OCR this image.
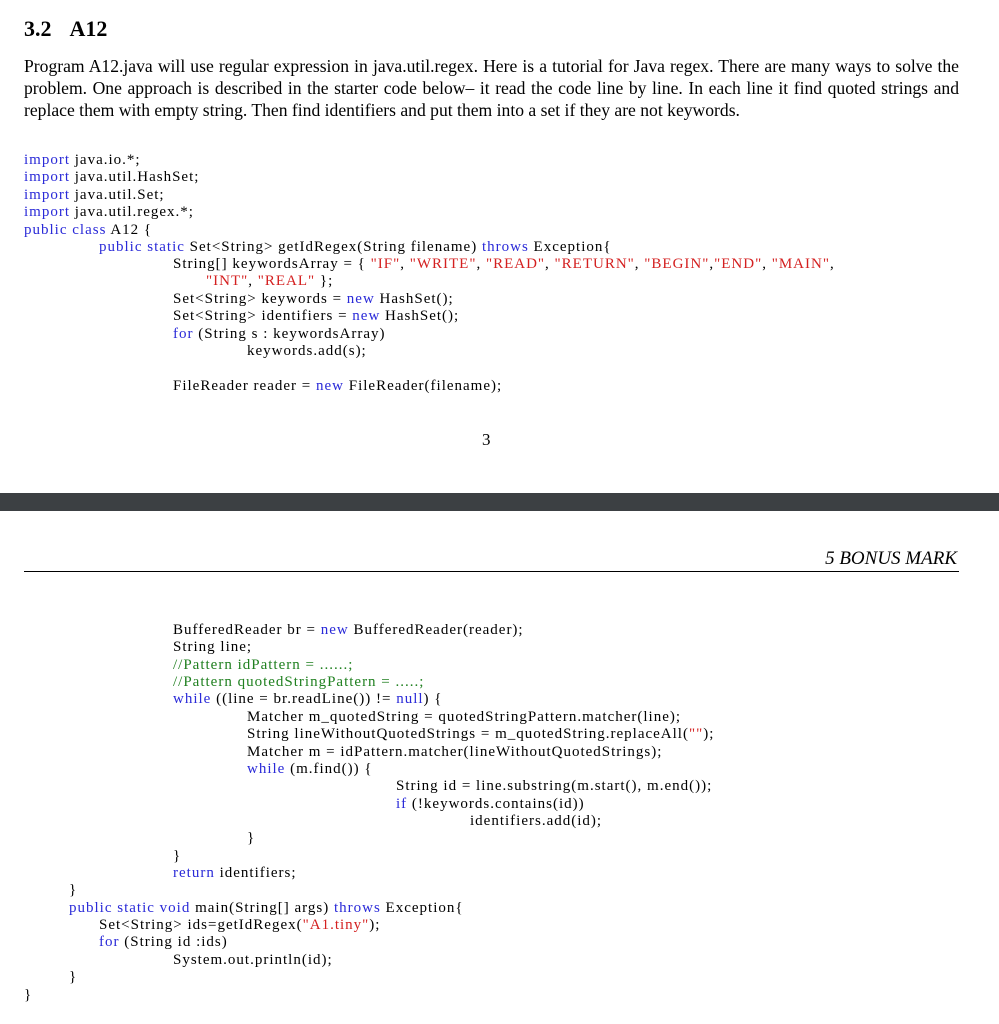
3.2 A12
Program A12.java will use regular expression in java.util.regex. Here is a tutorial for Java regex. There are many ways to solve the problem. One approach is described in the starter code below– it read the code line by line. In each line it find quoted strings and replace them with empty string. Then find identifiers and put them into a set if they are not keywords.
3
5 BONUS MARK
import java.io.*;
import java.util.HashSet;
import java.util.Set;
import java.util.regex.*;
public class A12 {
public static Set<String> getIdRegex(String filename) throws Exception{
String[] keywordsArray = { "IF", "WRITE", "READ", "RETURN", "BEGIN","END", "MAIN",
"INT", "REAL" };
Set<String> keywords = new HashSet();
Set<String> identifiers = new HashSet();
for (String s : keywordsArray)
keywords.add(s);
FileReader reader = new FileReader(filename);
BufferedReader br = new BufferedReader(reader);
String line;
//Pattern idPattern = ......;
//Pattern quotedStringPattern = .....;
while ((line = br.readLine()) != null) {
Matcher m_quotedString = quotedStringPattern.matcher(line);
String lineWithoutQuotedStrings = m_quotedString.replaceAll("");
Matcher m = idPattern.matcher(lineWithoutQuotedStrings);
while (m.find()) {
String id = line.substring(m.start(), m.end());
if (!keywords.contains(id))
identifiers.add(id);
}
}
return identifiers;
}
public static void main(String[] args) throws Exception{
Set<String> ids=getIdRegex("A1.tiny");
for (String id :ids)
System.out.println(id);
}
}
